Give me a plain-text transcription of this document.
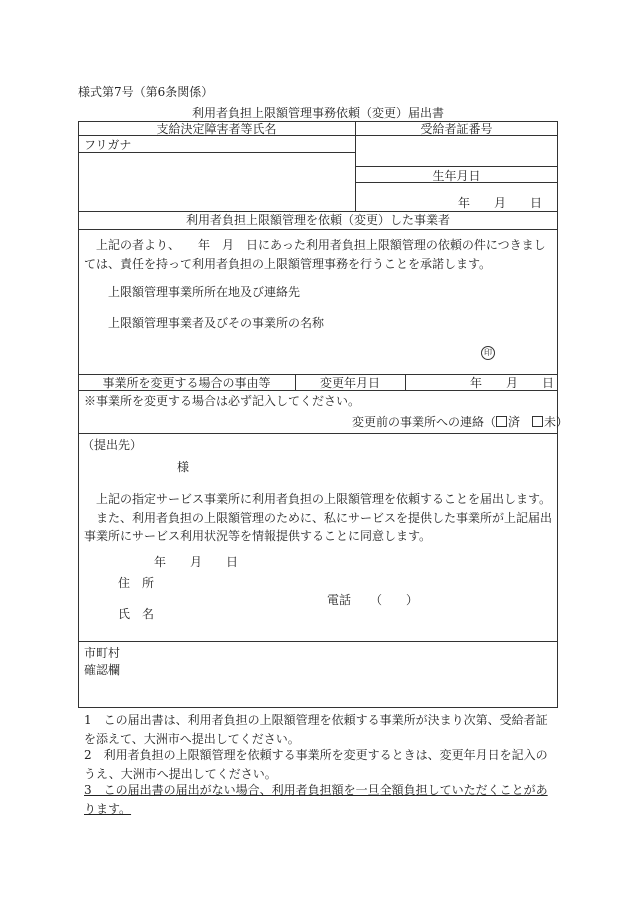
様式第7号（第6条関係）
利用者負担上限額管理事務依頼（変更）届出書
支給決定障害者等氏名
フリガナ
受給者証番号
生年月日
年　　月　　日
利用者負担上限額管理を依頼（変更）した事業者
　上記の者より、　　年　月　日にあった利用者負担上限額管理の依頼の件につきましては、責任を持って利用者負担の上限額管理事務を行うことを承諾します。
上限額管理事業所所在地及び連絡先
上限額管理事業者及びその事業所の名称
印
事業所を変更する場合の事由等	変更年月日	年　　月　　日
※事業所を変更する場合は必ず記入してください。
変更前の事業所への連絡（ 済　 未）
（提出先）
様
　上記の指定サービス事業所に利用者負担の上限額管理を依頼することを届出します。
　また、利用者負担の上限額管理のために、私にサービスを提供した事業所が上記届出事業所にサービス利用状況等を情報提供することに同意します。
年　　月　　日
住　所
電話 （　　）
氏　名
市町村
確認欄
1　この届出書は、利用者負担の上限額管理を依頼する事業所が決まり次第、受給者証を添えて、大洲市へ提出してください。
2　利用者負担の上限額管理を依頼する事業所を変更するときは、変更年月日を記入のうえ、大洲市へ提出してください。
3　この届出書の届出がない場合、利用者負担額を一旦全額負担していただくことがあります。
